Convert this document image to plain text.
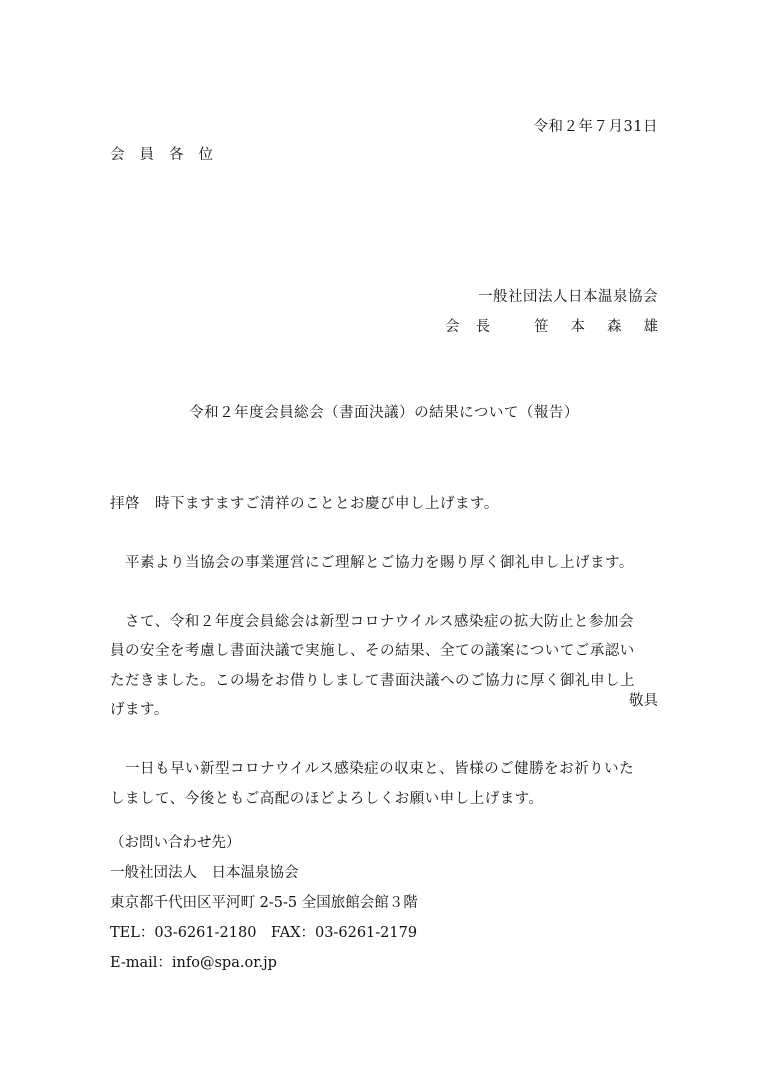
令和２年７月31日
会員各位
一般社団法人日本温泉協会
会長 笹本森雄
令和２年度会員総会（書面決議）の結果について（報告）

拝啓　時下ますますご清祥のこととお慶び申し上げます。

　平素より当協会の事業運営にご理解とご協力を賜り厚く御礼申し上げます。

　さて、令和２年度会員総会は新型コロナウイルス感染症の拡大防止と参加会
員の安全を考慮し書面決議で実施し、その結果、全ての議案についてご承認い
ただきました。この場をお借りしまして書面決議へのご協力に厚く御礼申し上
げます。

　一日も早い新型コロナウイルス感染症の収束と、皆様のご健勝をお祈りいた
しまして、今後ともご高配のほどよろしくお願い申し上げます。

敬具
（お問い合わせ先）
一般社団法人　日本温泉協会
東京都千代田区平河町 2-5-5 全国旅館会館３階
TEL：03-6261-2180　FAX：03-6261-2179
E-mail：info@spa.or.jp
